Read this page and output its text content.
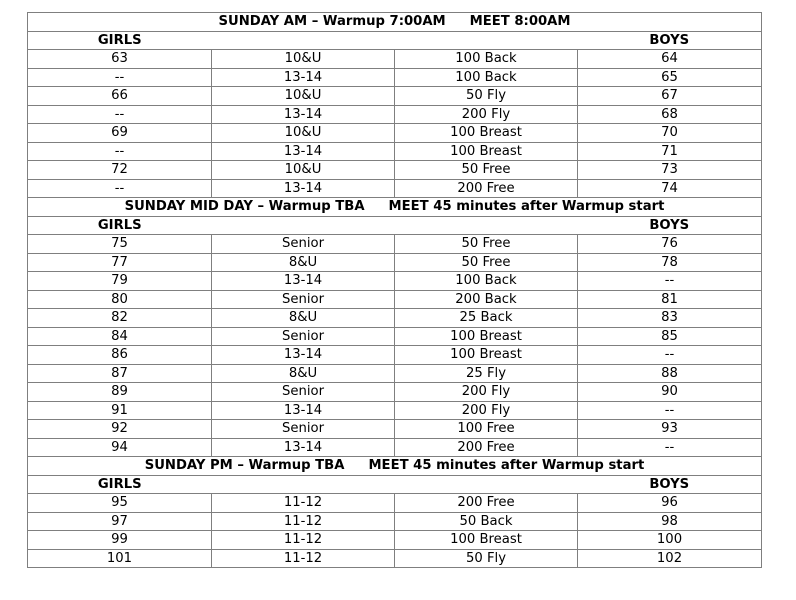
SUNDAY AM – Warmup 7:00AM MEET 8:00AM			
GIRLS			BOYS
63	10&U	100 Back	64
--	13-14	100 Back	65
66	10&U	50 Fly	67
--	13-14	200 Fly	68
69	10&U	100 Breast	70
--	13-14	100 Breast	71
72	10&U	50 Free	73
--	13-14	200 Free	74
SUNDAY MID DAY – Warmup TBA MEET 45 minutes after Warmup start			
GIRLS			BOYS
75	Senior	50 Free	76
77	8&U	50 Free	78
79	13-14	100 Back	--
80	Senior	200 Back	81
82	8&U	25 Back	83
84	Senior	100 Breast	85
86	13-14	100 Breast	--
87	8&U	25 Fly	88
89	Senior	200 Fly	90
91	13-14	200 Fly	--
92	Senior	100 Free	93
94	13-14	200 Free	--
SUNDAY PM – Warmup TBA MEET 45 minutes after Warmup start			
GIRLS			BOYS
95	11-12	200 Free	96
97	11-12	50 Back	98
99	11-12	100 Breast	100
101	11-12	50 Fly	102
